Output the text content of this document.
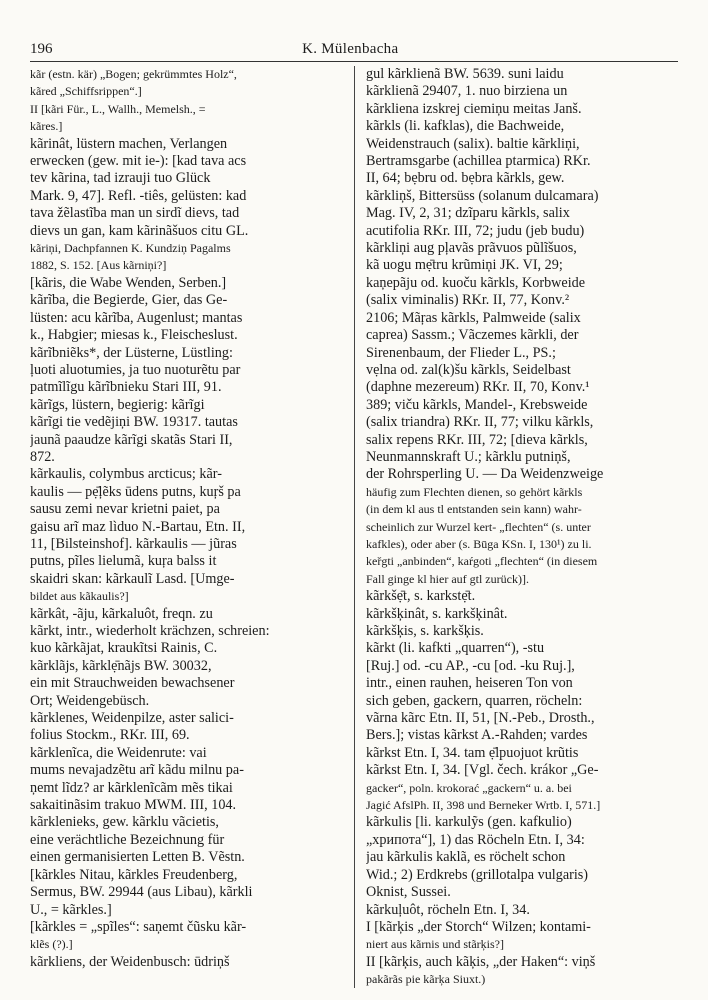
196	K. Mülenbacha
kãr (estn. kär) „Bogen; gekrümmtes Holz“,
kãred „Schiffsrippen“.]
II [kãri Für., L., Wallh., Memelsh., =
kãres.]
kãrinât, lüstern machen, Verlangen
erwecken (gew. mit ie-): [kad tava acs
tev kãrina, tad izrauji tuo Glück
Mark. 9, 47]. Refl. -tiês, gelüsten: kad
tava žẽlastĩba man un sirdĩ dievs, tad
dievs un gan, kam kãrinãšuos citu GL.
kãriņi, Dachpfannen K. Kundziņ Pagalms
1882, S. 152. [Aus kãrniņi?]
[kãris, die Wabe Wenden, Serben.]
kãrĩba, die Begierde, Gier, das Ge-
lüsten: acu kãrĩba, Augenlust; mantas
k., Habgier; miesas k., Fleischeslust.
kãrĩbniẽks*, der Lüsterne, Lüstling:
ļuoti aluotumies, ja tuo nuoturẽtu par
patmĩlĩgu kãrĩbnieku Stari III, 91.
kãrĩgs, lüstern, begierig: kãrĩgi
kãrĩgi tie vedẽjiņi BW. 19317. tautas
jaunã paaudze kãrĩgi skatãs Stari II,
872.
kãrkaulis, colymbus arcticus; kãr-
kaulis — pẹ̄ļẽks ūdens putns, kuŗš pa
sausu zemi nevar krietni paiet, pa
gaisu arĩ maz lìduo N.-Bartau, Etn. II,
11, [Bilsteinshof]. kãrkaulis — jũras
putns, pĩles lielumã, kuŗa balss it
skaidri skan: kãrkaulĩ Lasd. [Umge-
bildet aus kãkaulis?]
kãrkât, -ãju, kãrkaluôt, freqn. zu
kãrkt, intr., wiederholt krächzen, schreien:
kuo kãrkãjat, kraukĩtsi Rainis, C.
kãrklãjs, kãrklẹ̄nãjs BW. 30032,
ein mit Strauchweiden bewachsener
Ort; Weidengebüsch.
kãrklenes, Weidenpilze, aster salici-
folius Stockm., RKr. III, 69.
kãrklenĩca, die Weidenrute: vai
mums nevajadzẽtu arĩ kãdu milnu pa-
ņemt lĩdz? ar kãrklenĩcãm mẽs tikai
sakaitinãsim trakuo MWM. III, 104.
kãrklenieks, gew. kãrklu vãcietis,
eine verächtliche Bezeichnung für
einen germanisierten Letten B. Vẽstn.
[kãrkles Nitau, kãrkles Freudenberg,
Sermus, BW. 29944 (aus Libau), kãrkli
U., = kãrkles.]
[kãrkles = „spĩles“: saņemt čũsku kãr-
klẽs (?).]
kãrkliens, der Weidenbusch: ūdriņš
gul kãrklienã BW. 5639. suni laidu
kãrklienã 29407, 1. nuo birziena un
kãrkliena izskrej ciemiņu meitas Janš.
kãrkls (li. kafklas), die Bachweide,
Weidenstrauch (salix). baltie kãrkliņi,
Bertramsgarbe (achillea ptarmica) RKr.
II, 64; bẹbru od. bẹbra kãrkls, gew.
kãrkliņš, Bittersüss (solanum dulcamara)
Mag. IV, 2, 31; dzĩparu kãrkls, salix
acutifolia RKr. III, 72; judu (jeb budu)
kãrkliņi aug pļavãs prãvuos pũlĩšuos,
kã uogu mẹ̄tru krũmiņi JK. VI, 29;
kaņepãju od. kuoču kãrkls, Korbweide
(salix viminalis) RKr. II, 77, Konv.²
2106; Mãŗas kãrkls, Palmweide (salix
caprea) Sassm.; Vãczemes kãrkli, der
Sirenenbaum, der Flieder L., PS.;
vẹlna od. zal(k)šu kãrkls, Seidelbast
(daphne mezereum) RKr. II, 70, Konv.¹
389; viču kãrkls, Mandel-, Krebsweide
(salix triandra) RKr. II, 77; vilku kãrkls,
salix repens RKr. III, 72; [dieva kãrkls,
Neunmannskraft U.; kãrklu putniņš,
der Rohrsperling U. — Da Weidenzweige
häufig zum Flechten dienen, so gehört kãrkls
(in dem kl aus tl entstanden sein kann) wahr-
scheinlich zur Wurzel kert- „flechten“ (s. unter
kafkles), oder aber (s. Būga KSn. I, 130¹) zu li.
keřgti „anbinden“, kaŕgoti „flechten“ (in diesem
Fall ginge kl hier auf gtl zurück)].
kãrkšẹ̄t, s. karkstẹ̄t.
kãrkšķinât, s. karkšķinât.
kãrkšķis, s. karkšķis.
kãrkt (li. kafkti „quarren“), -stu
[Ruj.] od. -cu AP., -cu [od. -ku Ruj.],
intr., einen rauhen, heiseren Ton von
sich geben, gackern, quarren, röcheln:
vãrna kãrc Etn. II, 51, [N.-Peb., Drosth.,
Bers.]; vistas kãrkst A.-Rahden; vardes
kãrkst Etn. I, 34. tam ẹ̄lpuojuot krũtis
kãrkst Etn. I, 34. [Vgl. čech. krákor „Ge-
gacker“, poln. krokorać „gackern“ u. a. bei
Jagić AfslPh. II, 398 und Berneker Wrtb. I, 571.]
kãrkulis [li. karkulỹs (gen. kafkulio)
„хрипота“], 1) das Röcheln Etn. I, 34:
jau kãrkulis kaklã, es röchelt schon
Wid.; 2) Erdkrebs (grillotalpa vulgaris)
Oknist, Sussei.
kãrkuļuôt, röcheln Etn. I, 34.
I [kãrķis „der Storch“ Wilzen; kontami-
niert aus kãrnis und stãrķis?]
II [kãrķis, auch kãķis, „der Haken“: viņš
pakãrãs pie kãrķa Siuxt.)
